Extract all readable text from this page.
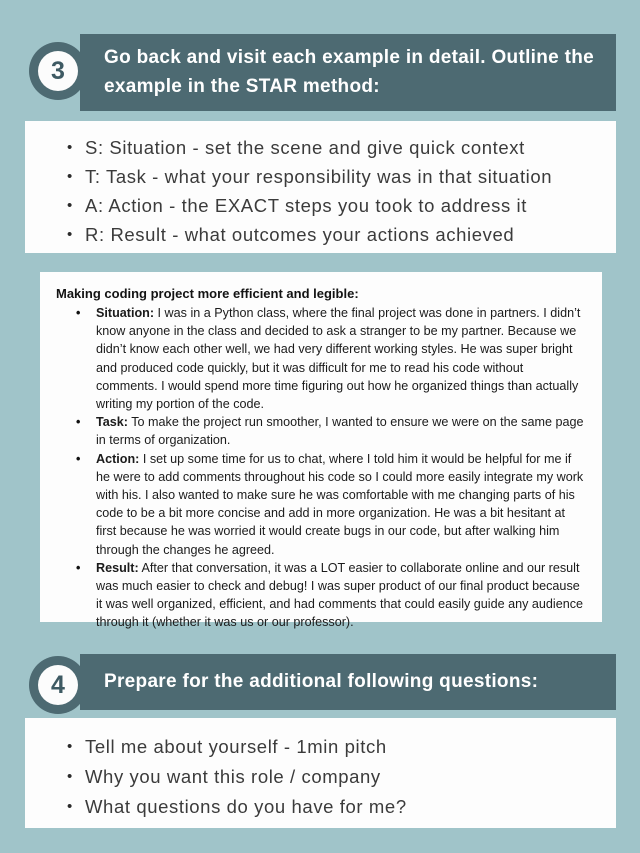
3	Go back and visit each example in detail. Outline the example in the STAR method:
• S: Situation - set the scene and give quick context
• T: Task - what your responsibility was in that situation
• A: Action - the EXACT steps you took to address it
• R: Result - what outcomes your actions achieved

Making coding project more efficient and legible:

• Situation: I was in a Python class, where the final project was done in partners. I didn’t know anyone in the class and decided to ask a stranger to be my partner. Because we didn’t know each other well, we had very different working styles. He was super bright and produced code quickly, but it was difficult for me to read his code without comments. I would spend more time figuring out how he organized things than actually writing my portion of the code.
• Task: To make the project run smoother, I wanted to ensure we were on the same page in terms of organization.
• Action: I set up some time for us to chat, where I told him it would be helpful for me if he were to add comments throughout his code so I could more easily integrate my work with his. I also wanted to make sure he was comfortable with me changing parts of his code to be a bit more concise and add in more organization. He was a bit hesitant at first because he was worried it would create bugs in our code, but after walking him through the changes he agreed.
• Result: After that conversation, it was a LOT easier to collaborate online and our result was much easier to check and debug! I was super product of our final product because it was well organized, efficient, and had comments that could easily guide any audience through it (whether it was us or our professor).
4	Prepare for the additional following questions:
• Tell me about yourself - 1min pitch
• Why you want this role / company
• What questions do you have for me?
